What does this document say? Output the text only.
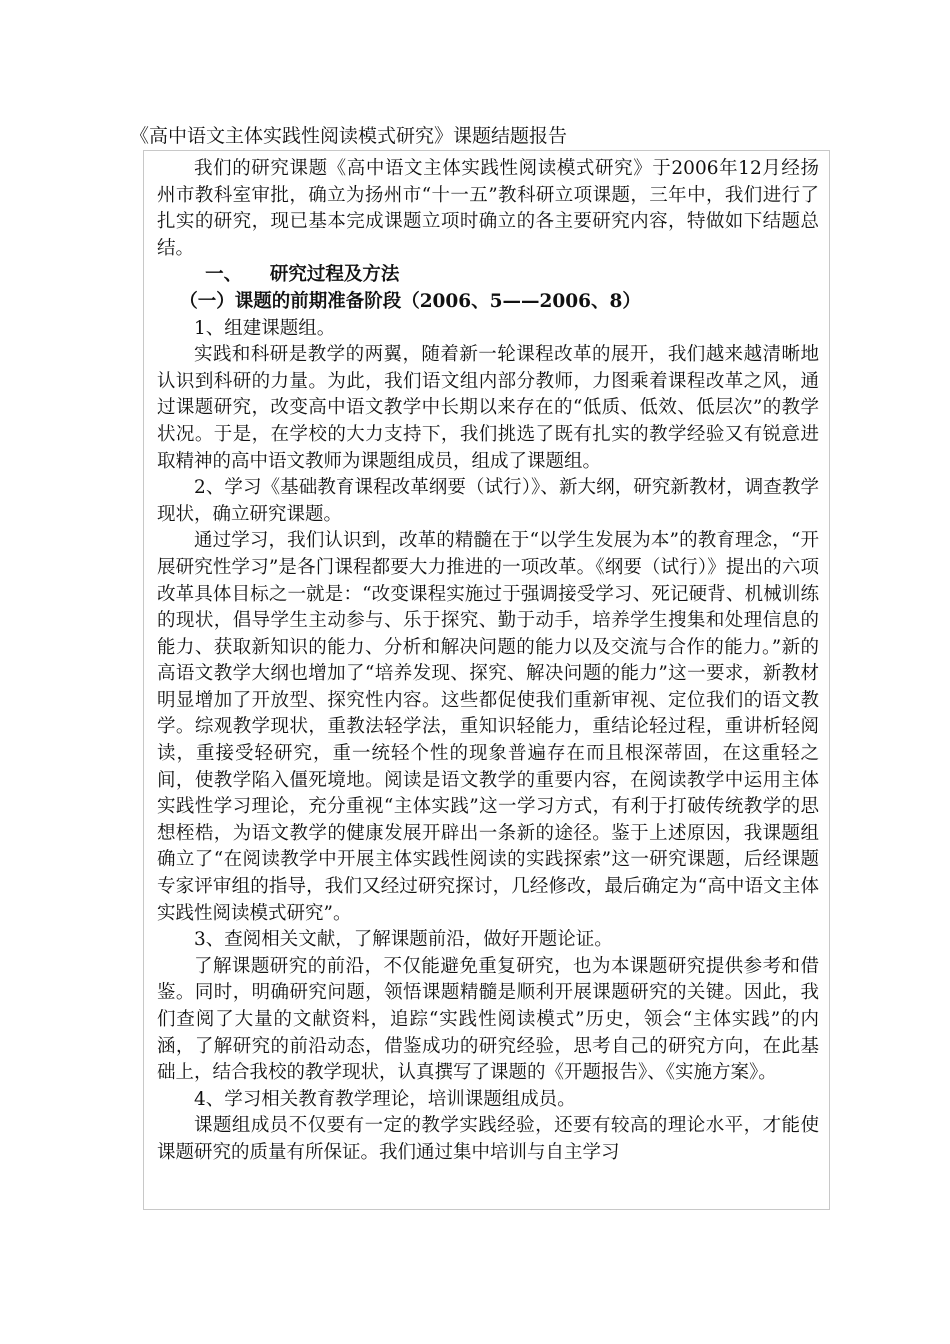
《高中语文主体实践性阅读模式研究》课题结题报告

我们的研究课题《高中语文主体实践性阅读模式研究》于2006年12月经扬州市教科室审批，确立为扬州市“十一五”教科研立项课题，三年中，我们进行了扎实的研究，现已基本完成课题立项时确立的各主要研究内容，特做如下结题总结。

一、 研究过程及方法

（一）课题的前期准备阶段（2006、5——2006、8）

1、组建课题组。

实践和科研是教学的两翼，随着新一轮课程改革的展开，我们越来越清晰地认识到科研的力量。为此，我们语文组内部分教师，力图乘着课程改革之风，通过课题研究，改变高中语文教学中长期以来存在的“低质、低效、低层次”的教学状况。于是，在学校的大力支持下，我们挑选了既有扎实的教学经验又有锐意进取精神的高中语文教师为课题组成员，组成了课题组。

2、学习《基础教育课程改革纲要（试行）》、新大纲，研究新教材，调查教学现状，确立研究课题。

通过学习，我们认识到，改革的精髓在于“以学生发展为本”的教育理念，“开展研究性学习”是各门课程都要大力推进的一项改革。《纲要（试行）》提出的六项改革具体目标之一就是：“改变课程实施过于强调接受学习、死记硬背、机械训练的现状，倡导学生主动参与、乐于探究、勤于动手，培养学生搜集和处理信息的能力、获取新知识的能力、分析和解决问题的能力以及交流与合作的能力。”新的高语文教学大纲也增加了“培养发现、探究、解决问题的能力”这一要求，新教材明显增加了开放型、探究性内容。这些都促使我们重新审视、定位我们的语文教学。综观教学现状，重教法轻学法，重知识轻能力，重结论轻过程，重讲析轻阅读，重接受轻研究，重一统轻个性的现象普遍存在而且根深蒂固，在这重轻之间，使教学陷入僵死境地。阅读是语文教学的重要内容，在阅读教学中运用主体实践性学习理论，充分重视“主体实践”这一学习方式，有利于打破传统教学的思想桎梏，为语文教学的健康发展开辟出一条新的途径。鉴于上述原因，我课题组确立了“在阅读教学中开展主体实践性阅读的实践探索”这一研究课题，后经课题专家评审组的指导，我们又经过研究探讨，几经修改，最后确定为“高中语文主体实践性阅读模式研究”。

3、查阅相关文献，了解课题前沿，做好开题论证。

了解课题研究的前沿，不仅能避免重复研究，也为本课题研究提供参考和借鉴。同时，明确研究问题，领悟课题精髓是顺利开展课题研究的关键。因此，我们查阅了大量的文献资料，追踪“实践性阅读模式”历史，领会“主体实践”的内涵，了解研究的前沿动态，借鉴成功的研究经验，思考自己的研究方向，在此基础上，结合我校的教学现状，认真撰写了课题的《开题报告》、《实施方案》。

4、学习相关教育教学理论，培训课题组成员。

课题组成员不仅要有一定的教学实践经验，还要有较高的理论水平，才能使课题研究的质量有所保证。我们通过集中培训与自主学习
